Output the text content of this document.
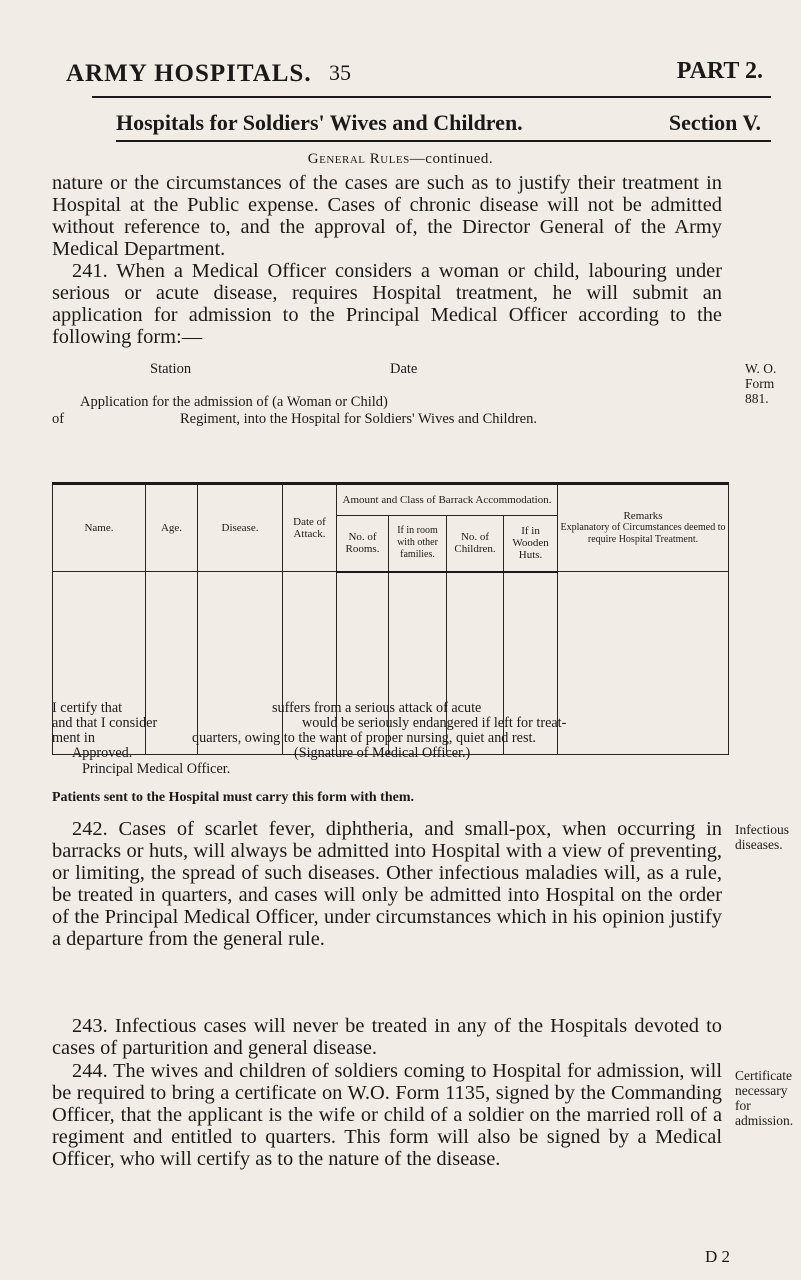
ARMY HOSPITALS. 35	PART 2.
Hospitals for Soldiers' Wives and Children.	Section V.
General Rules—continued.
nature or the circumstances of the cases are such as to justify their treatment in Hospital at the Public expense. Cases of chronic disease will not be admitted without reference to, and the approval of, the Director General of the Army Medical Department.
241. When a Medical Officer considers a woman or child, labouring under serious or acute disease, requires Hospital treatment, he will submit an application for admission to the Principal Medical Officer according to the following form:—
Station	Date
Application for the admission of (a Woman or Child)
of	Regiment, into the Hospital for Soldiers' Wives and Children.
W. O. Form 881.
Name.	Age.	Disease.	Date of Attack.	Amount and Class of Barrack Accommodation.				Remarks
Explanatory of Circumstances deemed to require Hospital Treatment.

				No. of Rooms.	If in room with other families.	No. of Children.	If in Wooden Huts.	

I certify that	suffers from a serious attack of acute
and that I consider	would be seriously endangered if left for treat-
ment in	quarters, owing to the want of proper nursing, quiet and rest.
Approved.	(Signature of Medical Officer.)
Principal Medical Officer.
Patients sent to the Hospital must carry this form with them.
242. Cases of scarlet fever, diphtheria, and small-pox, when occurring in barracks or huts, will always be admitted into Hospital with a view of preventing, or limiting, the spread of such diseases. Other infectious maladies will, as a rule, be treated in quarters, and cases will only be admitted into Hospital on the order of the Principal Medical Officer, under circumstances which in his opinion justify a departure from the general rule.
Infectious diseases.
243. Infectious cases will never be treated in any of the Hospitals devoted to cases of parturition and general disease.
244. The wives and children of soldiers coming to Hospital for admission, will be required to bring a certificate on W.O. Form 1135, signed by the Commanding Officer, that the applicant is the wife or child of a soldier on the married roll of a regiment and entitled to quarters. This form will also be signed by a Medical Officer, who will certify as to the nature of the disease.
Certificate necessary for admission.
D 2
